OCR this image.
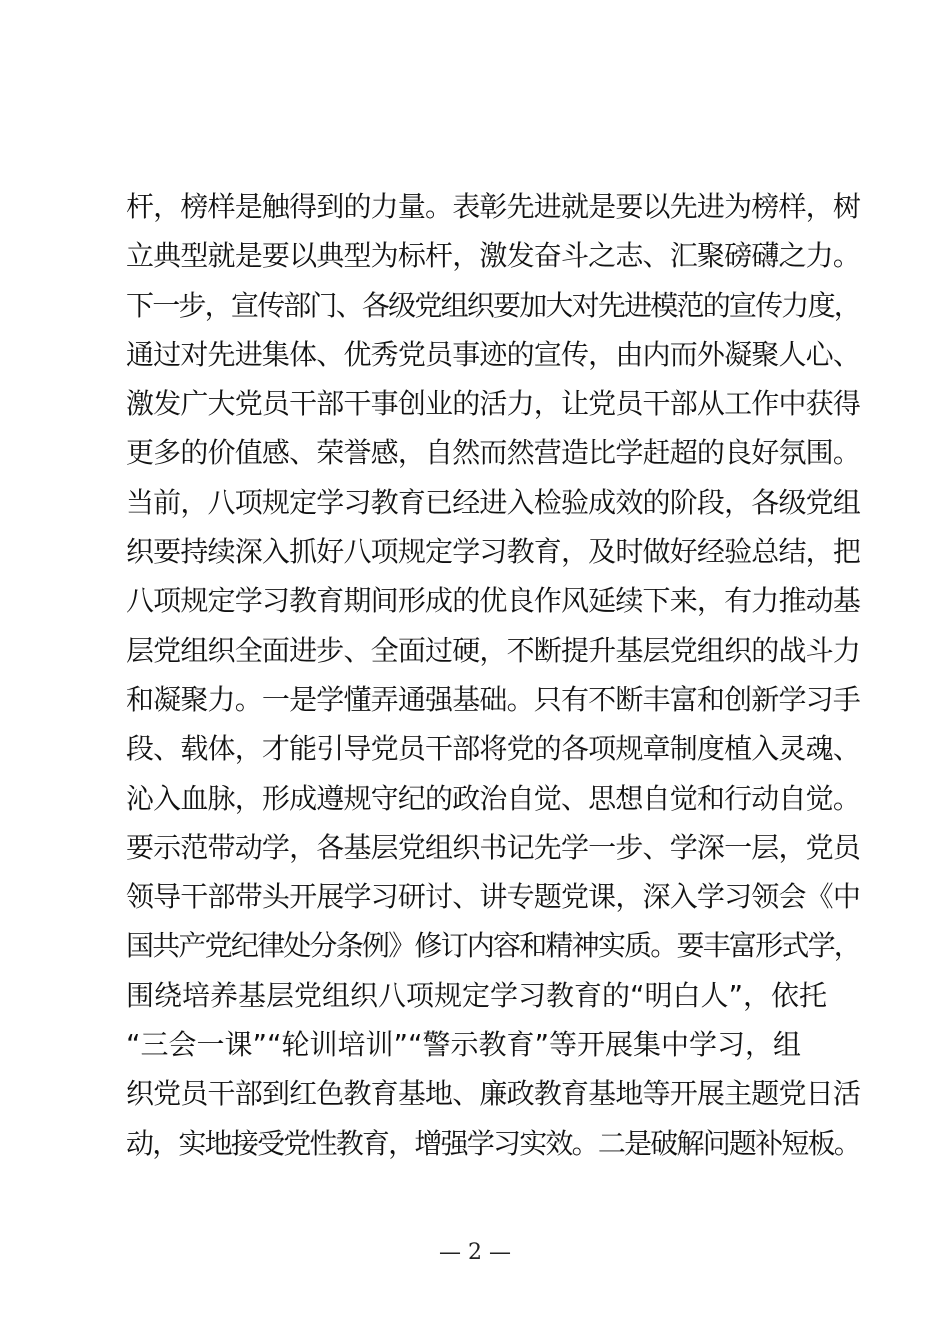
杆，榜样是触得到的力量。表彰先进就是要以先进为榜样，树
立典型就是要以典型为标杆，激发奋斗之志、汇聚磅礴之力。
下一步，宣传部门、各级党组织要加大对先进模范的宣传力度，
通过对先进集体、优秀党员事迹的宣传，由内而外凝聚人心、
激发广大党员干部干事创业的活力，让党员干部从工作中获得
更多的价值感、荣誉感，自然而然营造比学赶超的良好氛围。
当前，八项规定学习教育已经进入检验成效的阶段，各级党组
织要持续深入抓好八项规定学习教育，及时做好经验总结，把
八项规定学习教育期间形成的优良作风延续下来，有力推动基
层党组织全面进步、全面过硬，不断提升基层党组织的战斗力
和凝聚力。一是学懂弄通强基础。只有不断丰富和创新学习手
段、载体，才能引导党员干部将党的各项规章制度植入灵魂、
沁入血脉，形成遵规守纪的政治自觉、思想自觉和行动自觉。
要示范带动学，各基层党组织书记先学一步、学深一层，党员
领导干部带头开展学习研讨、讲专题党课，深入学习领会《中
国共产党纪律处分条例》修订内容和精神实质。要丰富形式学，
围绕培养基层党组织八项规定学习教育的“明白人”，依托
“三会一课”“轮训培训”“警示教育”等开展集中学习，组
织党员干部到红色教育基地、廉政教育基地等开展主题党日活
动，实地接受党性教育，增强学习实效。二是破解问题补短板。
— 2 —
